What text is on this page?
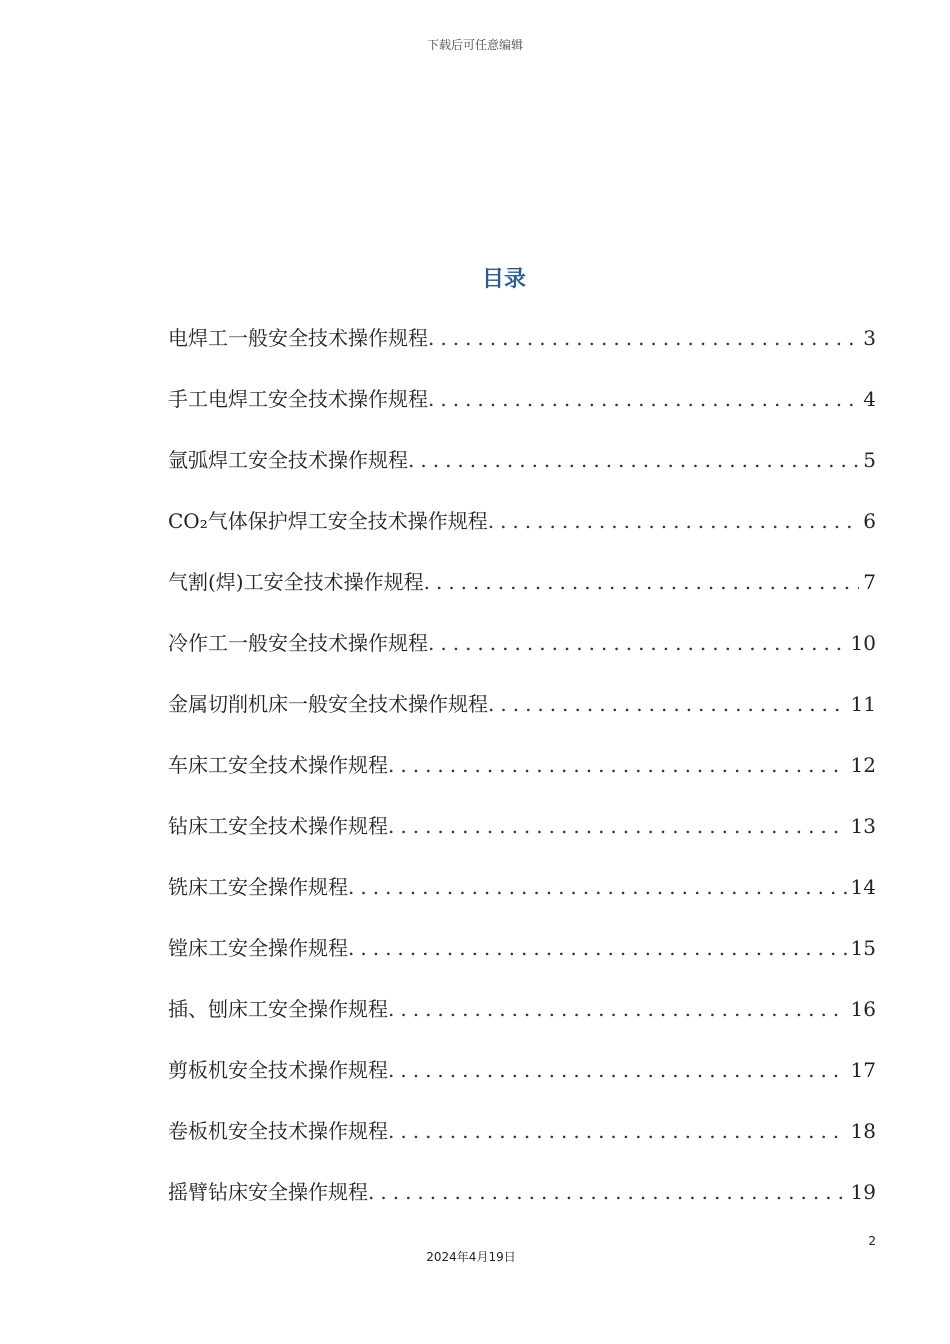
下载后可任意编辑
目录
电焊工一般安全技术操作规程 .....	3
手工电焊工安全技术操作规程 .....	4
氩弧焊工安全技术操作规程 .....	5
CO₂气体保护焊工安全技术操作规程 .....	6
气割(焊)工安全技术操作规程 .....	7
冷作工一般安全技术操作规程 .....	10
金属切削机床一般安全技术操作规程 .....	11
车床工安全技术操作规程 .....	12
钻床工安全技术操作规程 .....	13
铣床工安全操作规程 .....	14
镗床工安全操作规程 .....	15
插、刨床工安全操作规程 .....	16
剪板机安全技术操作规程 .....	17
卷板机安全技术操作规程 .....	18
摇臂钻床安全操作规程 .....	19
2
2024年4月19日
